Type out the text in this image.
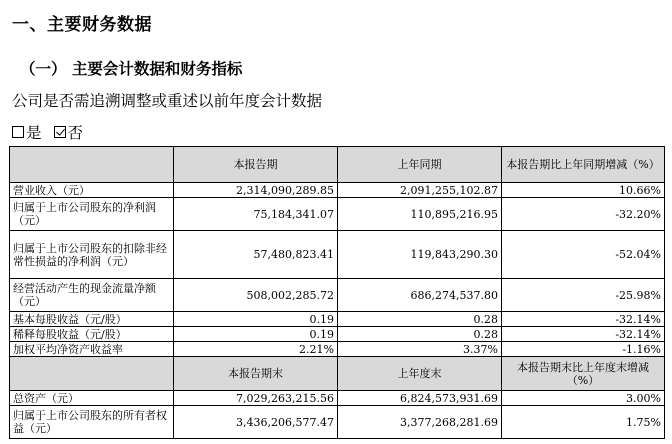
一、主要财务数据
（一） 主要会计数据和财务指标
公司是否需追溯调整或重述以前年度会计数据
是 否
	本报告期	上年同期	本报告期比上年同期增减（%）
营业收入（元）	2,314,090,289.85	2,091,255,102.87	10.66%
归属于上市公司股东的净利润（元）	75,184,341.07	110,895,216.95	-32.20%
归属于上市公司股东的扣除非经常性损益的净利润（元）	57,480,823.41	119,843,290.30	-52.04%
经营活动产生的现金流量净额（元）	508,002,285.72	686,274,537.80	-25.98%
基本每股收益（元/股）	0.19	0.28	-32.14%
稀释每股收益（元/股）	0.19	0.28	-32.14%
加权平均净资产收益率	2.21%	3.37%	-1.16%
	本报告期末	上年度末	本报告期末比上年度末增减（%）
总资产（元）	7,029,263,215.56	6,824,573,931.69	3.00%
归属于上市公司股东的所有者权益（元）	3,436,206,577.47	3,377,268,281.69	1.75%
